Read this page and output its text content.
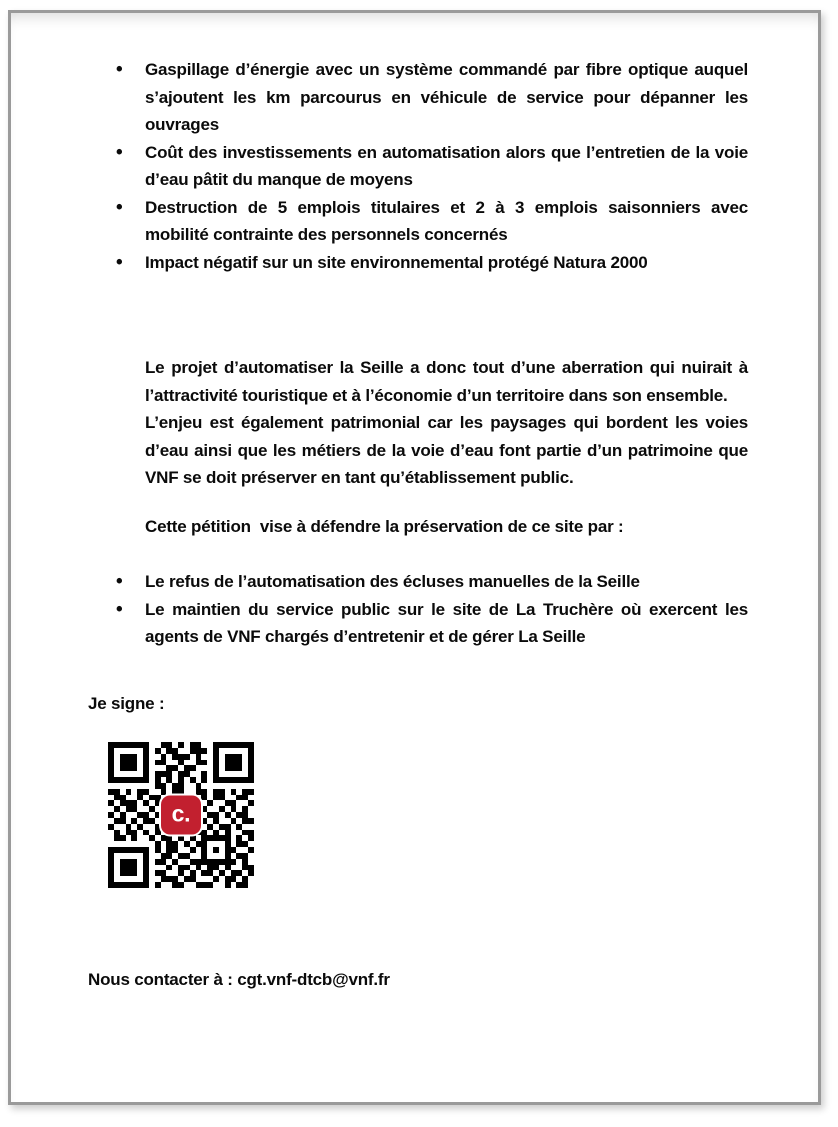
• Gaspillage d’énergie avec un système commandé par fibre optique auquel s’ajoutent les km parcourus en véhicule de service pour dépanner les ouvrages
• Coût des investissements en automatisation alors que l’entretien de la voie d’eau pâtit du manque de moyens
• Destruction de 5 emplois titulaires et 2 à 3 emplois saisonniers avec mobilité contrainte des personnels concernés
• Impact négatif sur un site environnemental protégé Natura 2000

Le projet d’automatiser la Seille a donc tout d’une aberration qui nuirait à l’attractivité touristique et à l’économie d’un territoire dans son ensemble.

L’enjeu est également patrimonial car les paysages qui bordent les voies d’eau ainsi que les métiers de la voie d’eau font partie d’un patrimoine que VNF se doit préserver en tant qu’établissement public.

Cette pétition  vise à défendre la préservation de ce site par :
• Le refus de l’automatisation des écluses manuelles de la Seille
• Le maintien du service public sur le site de La Truchère où exercent les agents de VNF chargés d’entretenir et de gérer La Seille
Je signe :
c.
Nous contacter à : cgt.vnf-dtcb@vnf.fr
